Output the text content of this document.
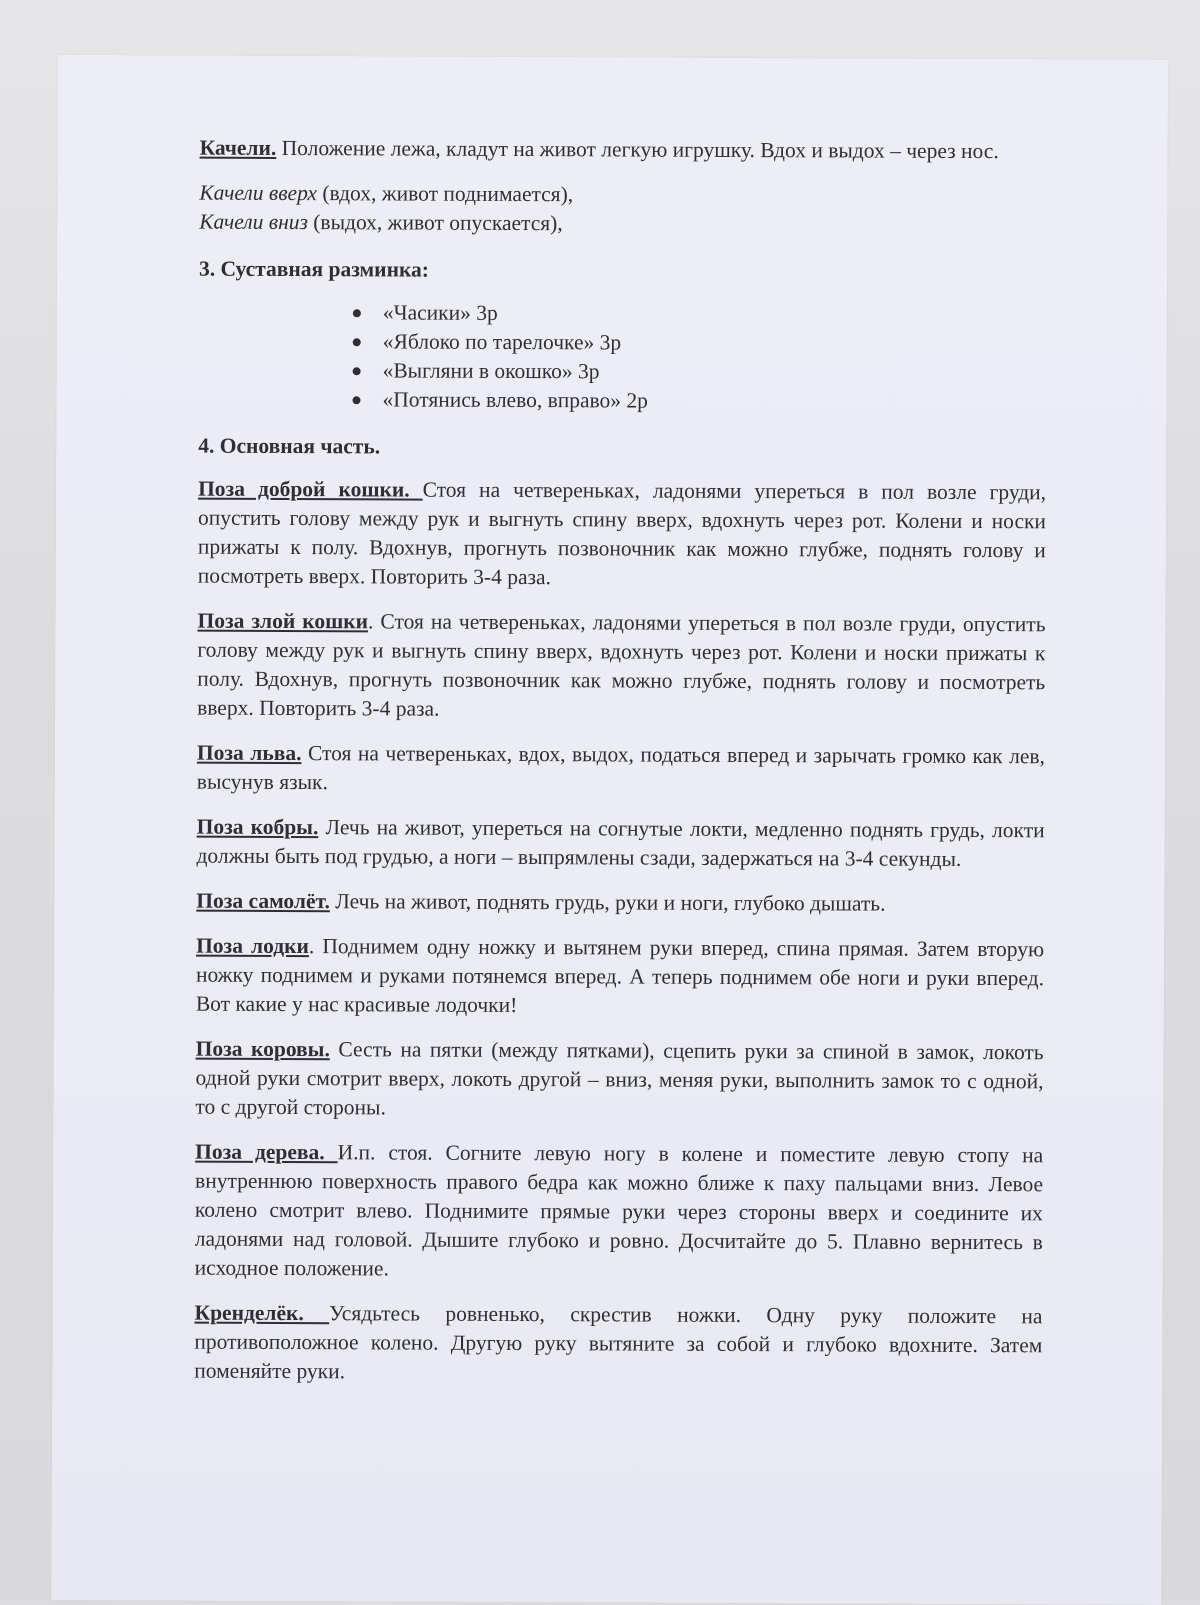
Качели. Положение лежа, кладут на живот легкую игрушку. Вдох и выдох – через нос.

Качели вверх (вдох, живот поднимается),
Качели вниз (выдох, живот опускается),
3. Суставная разминка:
«Часики» 3р
«Яблоко по тарелочке» 3р
«Выгляни в окошко» 3р
«Потянись влево, вправо» 2р
4. Основная часть.

Поза доброй кошки. Стоя на четвереньках, ладонями упереться в пол возле груди, опустить голову между рук и выгнуть спину вверх, вдохнуть через рот. Колени и носки прижаты к полу. Вдохнув, прогнуть позвоночник как можно глубже, поднять голову и посмотреть вверх. Повторить 3-4 раза.

Поза злой кошки. Стоя на четвереньках, ладонями упереться в пол возле груди, опустить голову между рук и выгнуть спину вверх, вдохнуть через рот. Колени и носки прижаты к полу. Вдохнув, прогнуть позвоночник как можно глубже, поднять голову и посмотреть вверх. Повторить 3-4 раза.

Поза льва. Стоя на четвереньках, вдох, выдох, податься вперед и зарычать громко как лев, высунув язык.

Поза кобры. Лечь на живот, упереться на согнутые локти, медленно поднять грудь, локти должны быть под грудью, а ноги – выпрямлены сзади, задержаться на 3-4 секунды.

Поза самолёт. Лечь на живот, поднять грудь, руки и ноги, глубоко дышать.

Поза лодки. Поднимем одну ножку и вытянем руки вперед, спина прямая. Затем вторую ножку поднимем и руками потянемся вперед. А теперь поднимем обе ноги и руки вперед. Вот какие у нас красивые лодочки!

Поза коровы. Сесть на пятки (между пятками), сцепить руки за спиной в замок, локоть одной руки смотрит вверх, локоть другой – вниз, меняя руки, выполнить замок то с одной, то с другой стороны.

Поза дерева. И.п. стоя. Согните левую ногу в колене и поместите левую стопу на внутреннюю поверхность правого бедра как можно ближе к паху пальцами вниз. Левое колено смотрит влево. Поднимите прямые руки через стороны вверх и соедините их ладонями над головой. Дышите глубоко и ровно. Досчитайте до 5. Плавно вернитесь в исходное положение.

Кренделёк. Усядьтесь ровненько, скрестив ножки. Одну руку положите на противоположное колено. Другую руку вытяните за собой и глубоко вдохните. Затем поменяйте руки.
